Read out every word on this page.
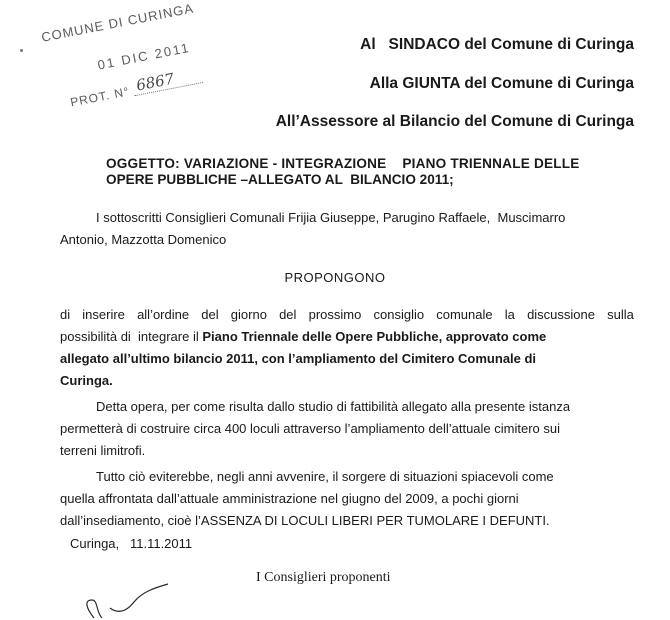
COMUNE DI CURINGA
01 DIC 2011
PROT. N°
6867
Al   SINDACO del Comune di Curinga
Alla GIUNTA del Comune di Curinga
All’Assessore al Bilancio del Comune di Curinga
OGGETTO: VARIAZIONE - INTEGRAZIONE    PIANO TRIENNALE DELLE
OPERE PUBBLICHE –ALLEGATO AL  BILANCIO 2011;
I sottoscritti Consiglieri Comunali Frijia Giuseppe, Parugino Raffaele,  Muscimarro
Antonio, Mazzotta Domenico
PROPONGONO
di inserire all’ordine del giorno del prossimo consiglio comunale la discussione sulla
possibilità di  integrare il Piano Triennale delle Opere Pubbliche, approvato come
allegato all’ultimo bilancio 2011, con l’ampliamento del Cimitero Comunale di
Curinga.
Detta opera, per come risulta dallo studio di fattibilità allegato alla presente istanza
permetterà di costruire circa 400 loculi attraverso l’ampliamento dell’attuale cimitero sui
terreni limitrofi.
Tutto ciò eviterebbe, negli anni avvenire, il sorgere di situazioni spiacevoli come
quella affrontata dall’attuale amministrazione nel giugno del 2009, a pochi giorni
dall’insediamento, cioè l’ASSENZA DI LOCULI LIBERI PER TUMOLARE I DEFUNTI.
Curinga,   11.11.2011
I Consiglieri proponenti
